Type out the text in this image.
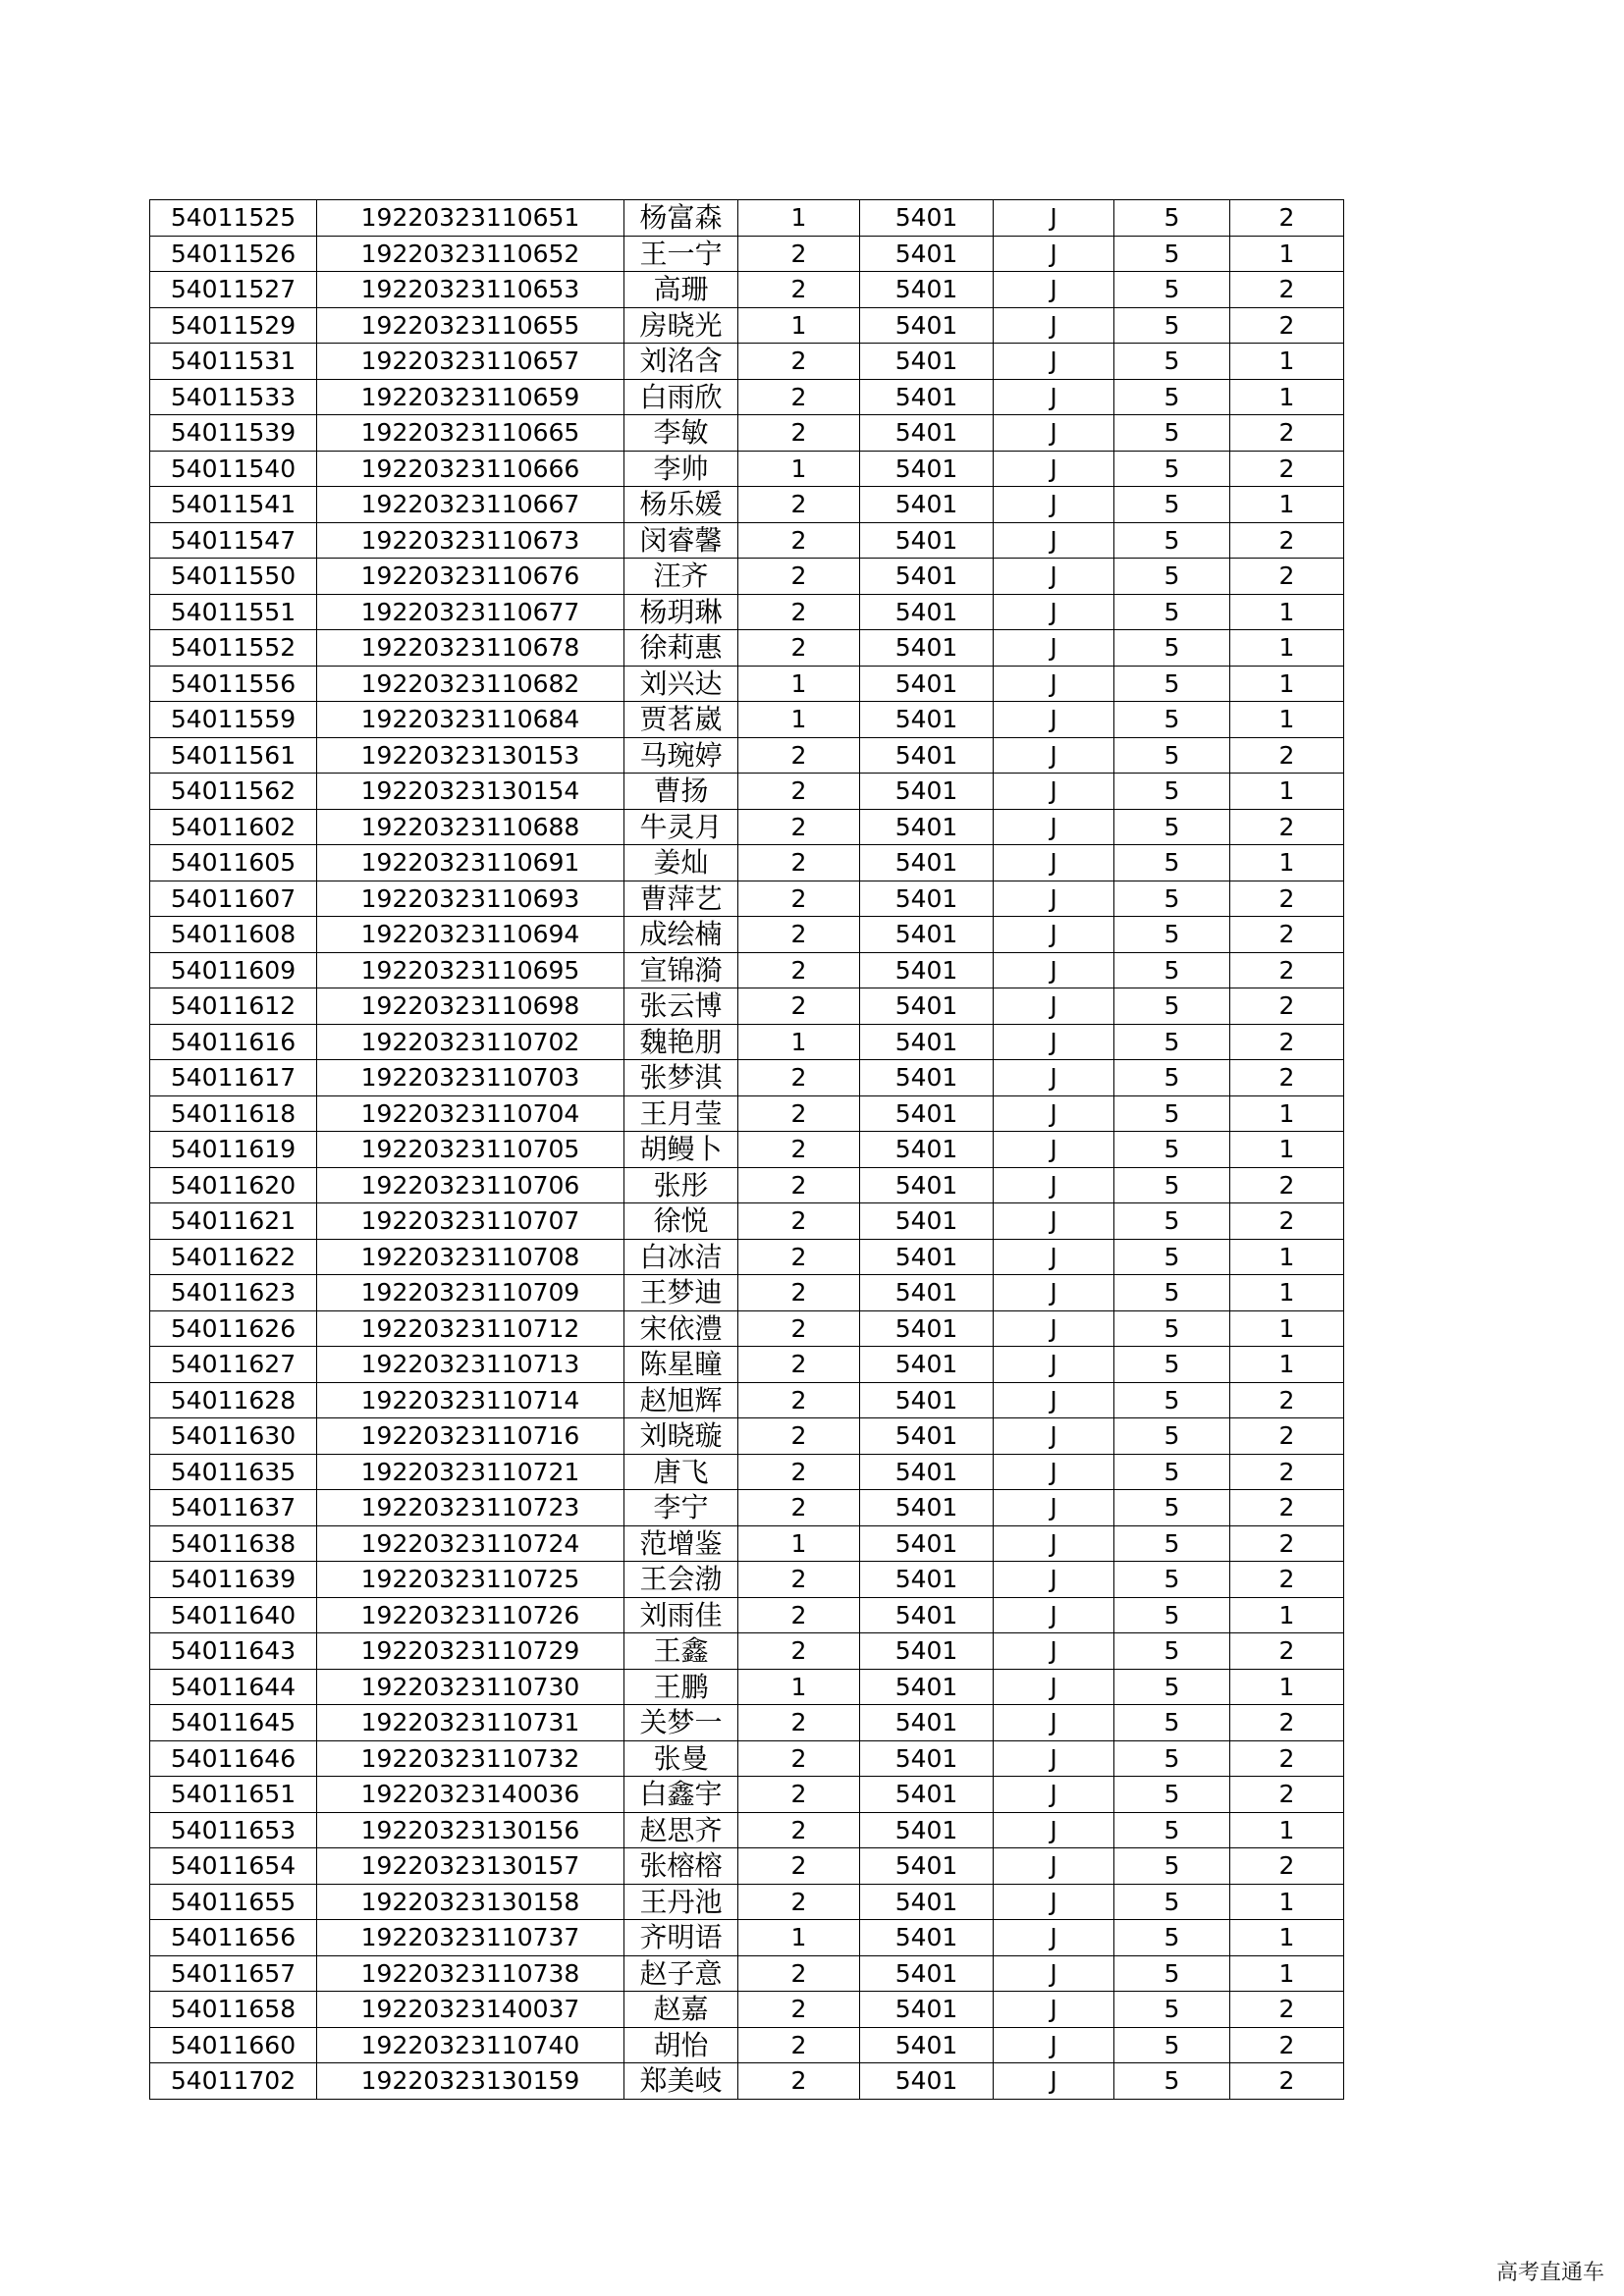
54011525	19220323110651	杨富森	1	5401	J	5	2
54011526	19220323110652	王一宁	2	5401	J	5	1
54011527	19220323110653	高珊	2	5401	J	5	2
54011529	19220323110655	房晓光	1	5401	J	5	2
54011531	19220323110657	刘洺含	2	5401	J	5	1
54011533	19220323110659	白雨欣	2	5401	J	5	1
54011539	19220323110665	李敏	2	5401	J	5	2
54011540	19220323110666	李帅	1	5401	J	5	2
54011541	19220323110667	杨乐媛	2	5401	J	5	1
54011547	19220323110673	闵睿馨	2	5401	J	5	2
54011550	19220323110676	汪齐	2	5401	J	5	2
54011551	19220323110677	杨玥琳	2	5401	J	5	1
54011552	19220323110678	徐莉惠	2	5401	J	5	1
54011556	19220323110682	刘兴达	1	5401	J	5	1
54011559	19220323110684	贾茗崴	1	5401	J	5	1
54011561	19220323130153	马琬婷	2	5401	J	5	2
54011562	19220323130154	曹扬	2	5401	J	5	1
54011602	19220323110688	牛灵月	2	5401	J	5	2
54011605	19220323110691	姜灿	2	5401	J	5	1
54011607	19220323110693	曹萍艺	2	5401	J	5	2
54011608	19220323110694	成绘楠	2	5401	J	5	2
54011609	19220323110695	宣锦漪	2	5401	J	5	2
54011612	19220323110698	张云博	2	5401	J	5	2
54011616	19220323110702	魏艳朋	1	5401	J	5	2
54011617	19220323110703	张梦淇	2	5401	J	5	2
54011618	19220323110704	王月莹	2	5401	J	5	1
54011619	19220323110705	胡鳗卜	2	5401	J	5	1
54011620	19220323110706	张彤	2	5401	J	5	2
54011621	19220323110707	徐悦	2	5401	J	5	2
54011622	19220323110708	白冰洁	2	5401	J	5	1
54011623	19220323110709	王梦迪	2	5401	J	5	1
54011626	19220323110712	宋依澧	2	5401	J	5	1
54011627	19220323110713	陈星瞳	2	5401	J	5	1
54011628	19220323110714	赵旭辉	2	5401	J	5	2
54011630	19220323110716	刘晓璇	2	5401	J	5	2
54011635	19220323110721	唐飞	2	5401	J	5	2
54011637	19220323110723	李宁	2	5401	J	5	2
54011638	19220323110724	范增鉴	1	5401	J	5	2
54011639	19220323110725	王会渤	2	5401	J	5	2
54011640	19220323110726	刘雨佳	2	5401	J	5	1
54011643	19220323110729	王鑫	2	5401	J	5	2
54011644	19220323110730	王鹏	1	5401	J	5	1
54011645	19220323110731	关梦一	2	5401	J	5	2
54011646	19220323110732	张曼	2	5401	J	5	2
54011651	19220323140036	白鑫宇	2	5401	J	5	2
54011653	19220323130156	赵思齐	2	5401	J	5	1
54011654	19220323130157	张榕榕	2	5401	J	5	2
54011655	19220323130158	王丹池	2	5401	J	5	1
54011656	19220323110737	齐明语	1	5401	J	5	1
54011657	19220323110738	赵子意	2	5401	J	5	1
54011658	19220323140037	赵嘉	2	5401	J	5	2
54011660	19220323110740	胡怡	2	5401	J	5	2
54011702	19220323130159	郑美岐	2	5401	J	5	2
高考直通车
